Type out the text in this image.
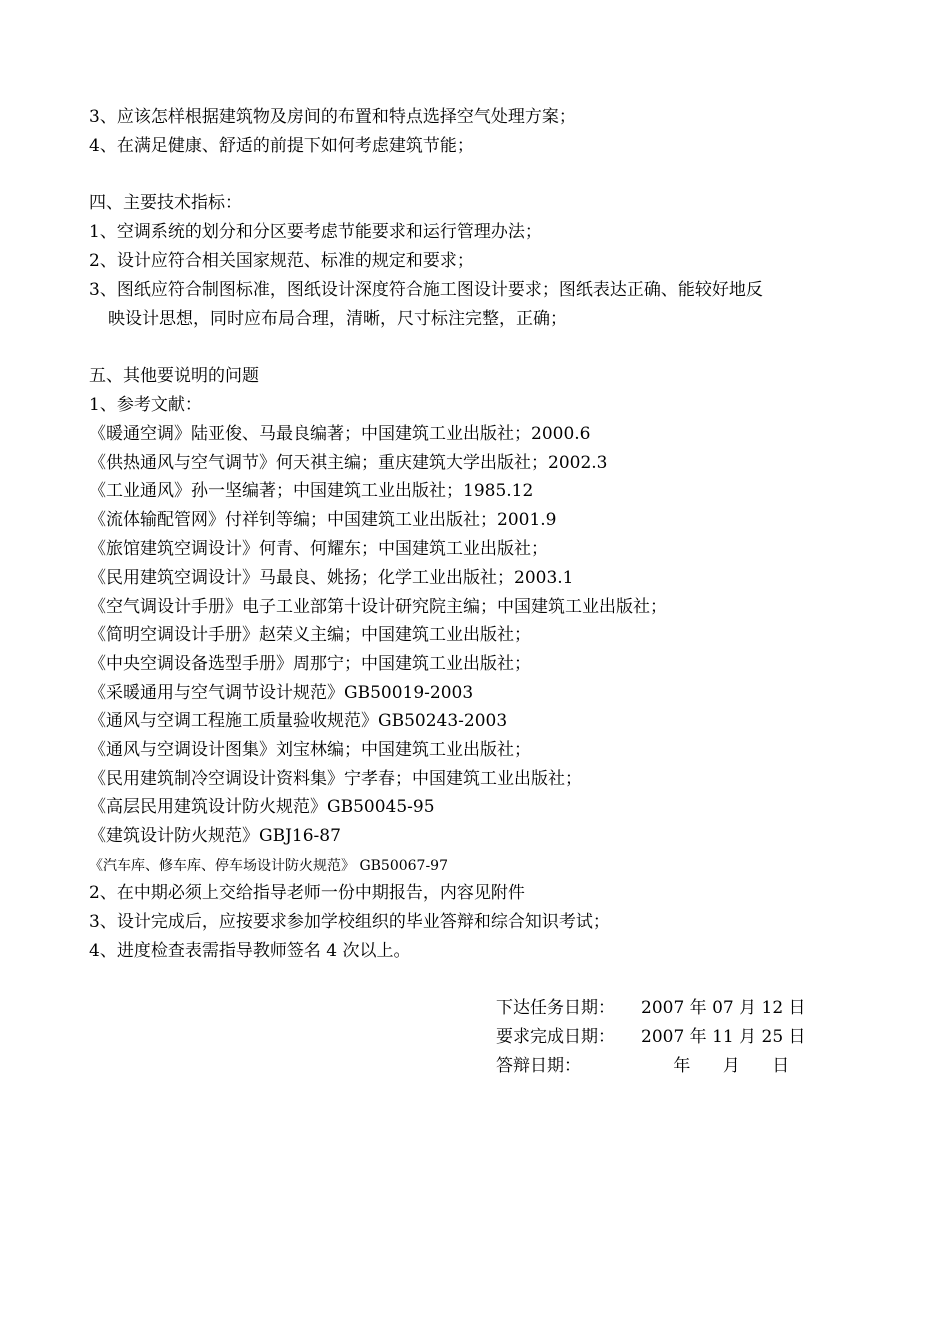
3、应该怎样根据建筑物及房间的布置和特点选择空气处理方案；
4、在满足健康、舒适的前提下如何考虑建筑节能；
四、主要技术指标：
1、空调系统的划分和分区要考虑节能要求和运行管理办法；
2、设计应符合相关国家规范、标准的规定和要求；
3、图纸应符合制图标准，图纸设计深度符合施工图设计要求；图纸表达正确、能较好地反
映设计思想，同时应布局合理，清晰，尺寸标注完整，正确；
五、其他要说明的问题
1、参考文献：
《暖通空调》陆亚俊、马最良编著；中国建筑工业出版社；2000.6
《供热通风与空气调节》何天祺主编；重庆建筑大学出版社；2002.3
《工业通风》孙一坚编著；中国建筑工业出版社；1985.12
《流体输配管网》付祥钊等编；中国建筑工业出版社；2001.9
《旅馆建筑空调设计》何青、何耀东；中国建筑工业出版社；
《民用建筑空调设计》马最良、姚扬；化学工业出版社；2003.1
《空气调设计手册》电子工业部第十设计研究院主编；中国建筑工业出版社；
《简明空调设计手册》赵荣义主编；中国建筑工业出版社；
《中央空调设备选型手册》周那宁；中国建筑工业出版社；
《采暖通用与空气调节设计规范》GB50019-2003
《通风与空调工程施工质量验收规范》GB50243-2003
《通风与空调设计图集》刘宝林编；中国建筑工业出版社；
《民用建筑制冷空调设计资料集》宁孝春；中国建筑工业出版社；
《高层民用建筑设计防火规范》GB50045-95
《建筑设计防火规范》GBJ16-87
《汽车库、修车库、停车场设计防火规范》 GB50067-97
2、在中期必须上交给指导老师一份中期报告，内容见附件
3、设计完成后，应按要求参加学校组织的毕业答辩和综合知识考试；
4、进度检查表需指导教师签名 4 次以上。
下达任务日期： 2007 年 07 月 12 日
要求完成日期： 2007 年 11 月 25 日
答辩日期：	年      月      日
